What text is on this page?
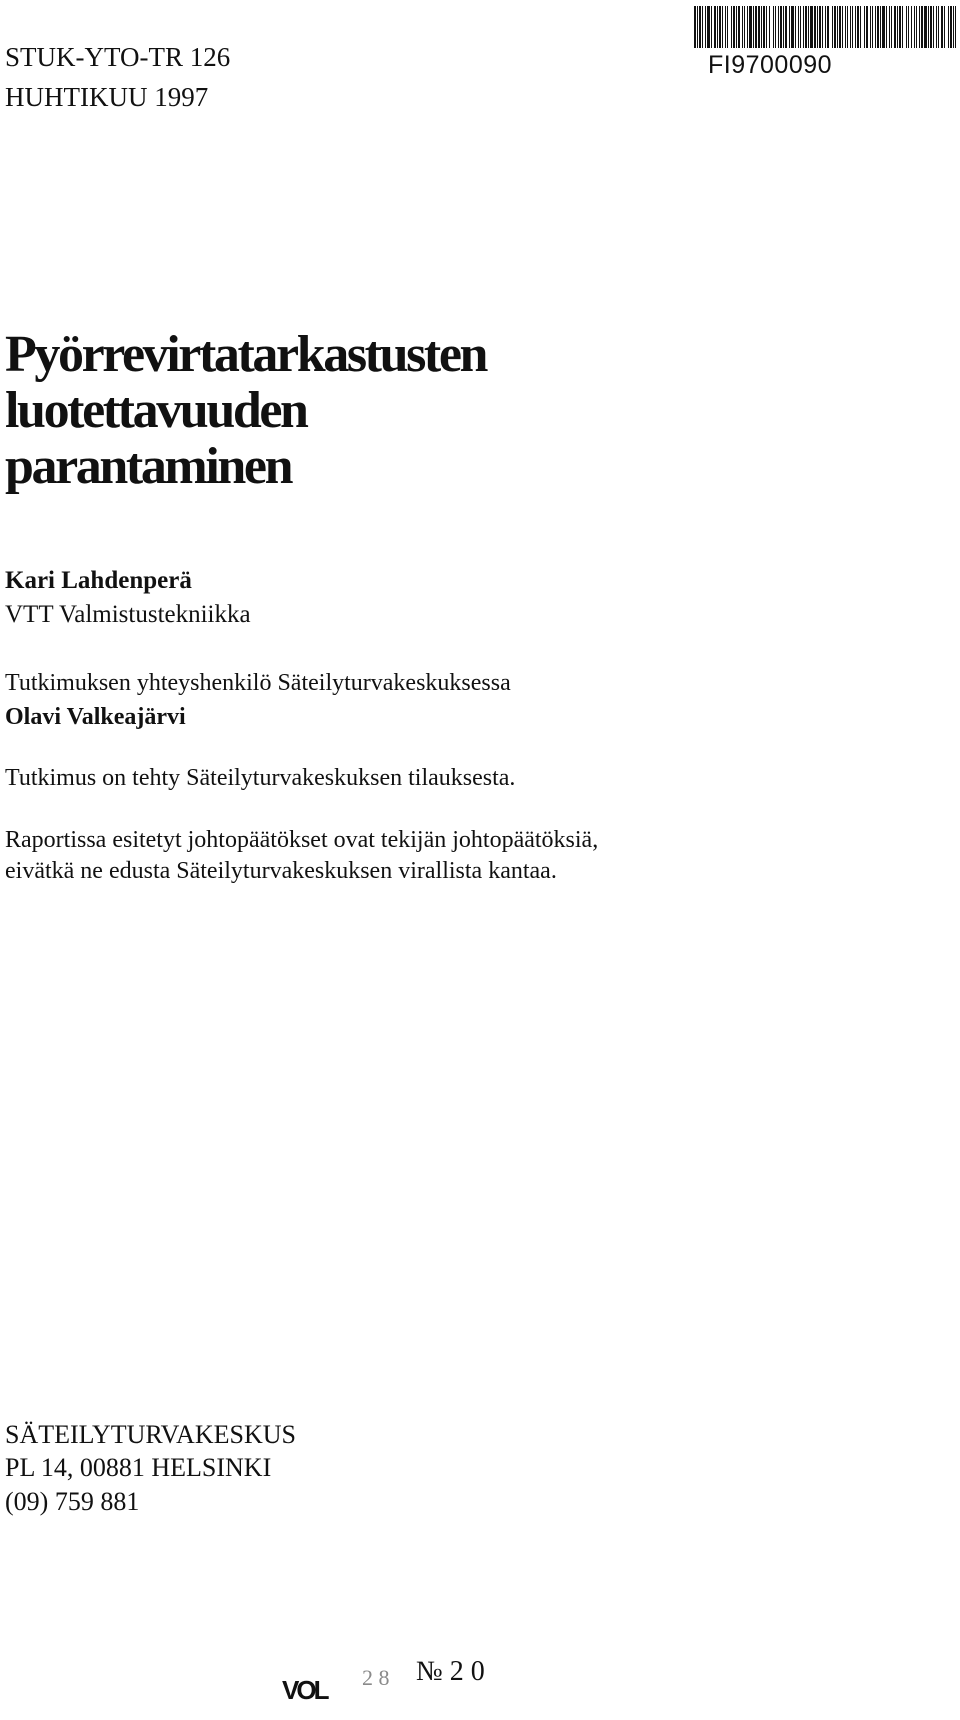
STUK-YTO-TR 126
HUHTIKUU 1997
FI9700090
Pyörrevirtatarkastusten
luotettavuuden
parantaminen
Kari Lahdenperä
VTT Valmistustekniikka
Tutkimuksen yhteyshenkilö Säteilyturvakeskuksessa
Olavi Valkeajärvi
Tutkimus on tehty Säteilyturvakeskuksen tilauksesta.
Raportissa esitetyt johtopäätökset ovat tekijän johtopäätöksiä,
eivätkä ne edusta Säteilyturvakeskuksen virallista kantaa.
SÄTEILYTURVAKESKUS
PL 14, 00881 HELSINKI
(09) 759 881
VOL 2 8 № 2 0
